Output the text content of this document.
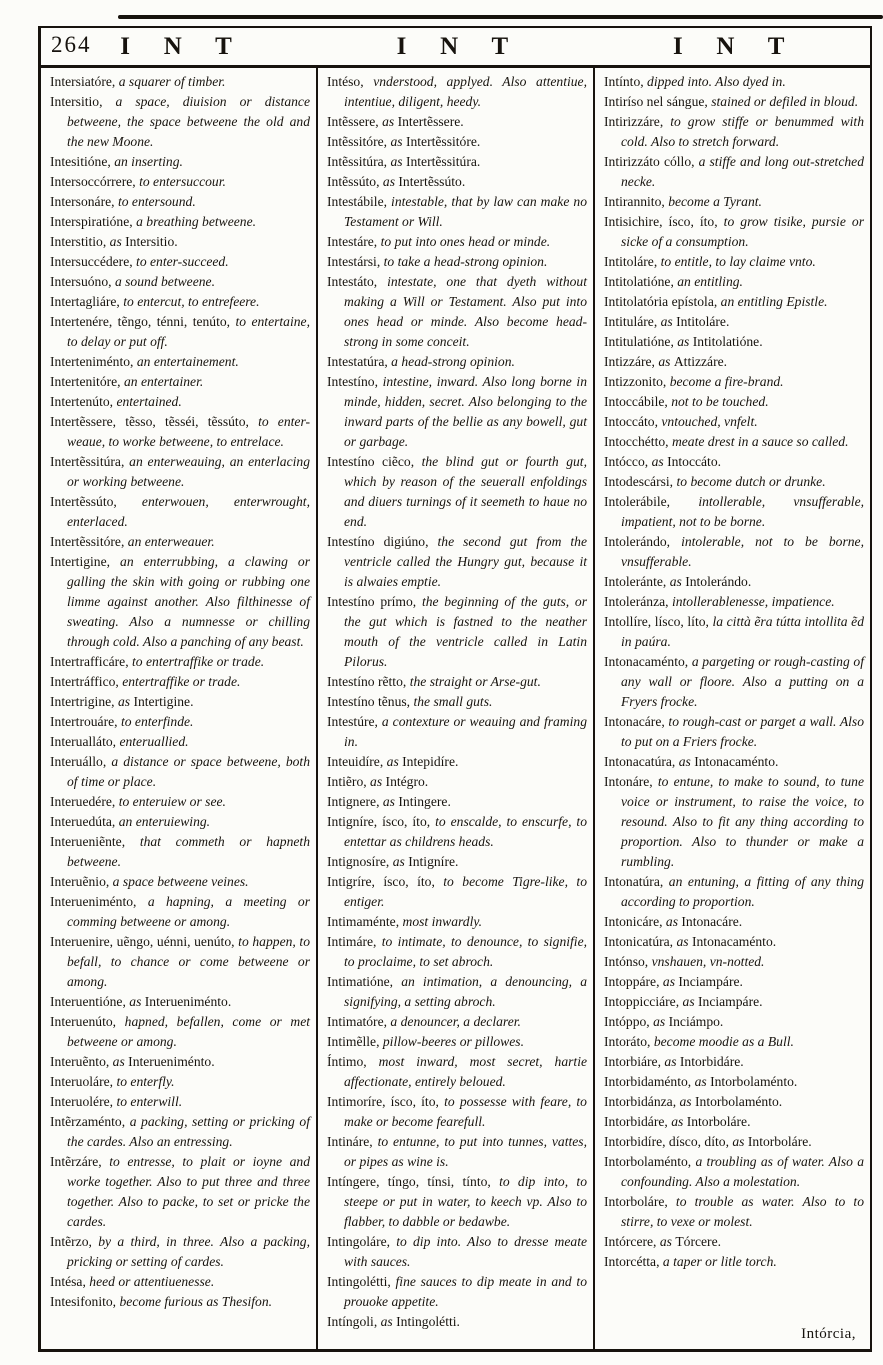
264	I N T	I N T	I N T

Intersiatóre, a squarer of timber.

Intersitio, a space, diuision or distance betweene, the space betweene the old and the new Moone.

Intesitióne, an inserting.

Intersoccórrere, to entersuccour.

Intersonáre, to entersound.

Interspiratióne, a breathing betweene.

Interstitio, as Intersitio.

Intersuccédere, to enter-succeed.

Intersuóno, a sound betweene.

Intertagliáre, to entercut, to entrefeere.

Intertenére, tẽngo, ténni, tenúto, to entertaine, to delay or put off.

Interteniménto, an entertainement.

Intertenitóre, an entertainer.

Intertenúto, entertained.

Intertẽssere, tẽsso, tẽsséi, tẽssúto, to enter-weaue, to worke betweene, to entrelace.

Intertẽssitúra, an enterweauing, an enterlacing or working betweene.

Intertẽssúto, enterwouen, enterwrought, enterlaced.

Intertẽssitóre, an enterweauer.

Intertigine, an enterrubbing, a clawing or galling the skin with going or rubbing one limme against another. Also filthinesse of sweating. Also a numnesse or chilling through cold. Also a panching of any beast.

Intertrafficáre, to entertraffike or trade.

Intertráffico, entertraffike or trade.

Intertrigine, as Intertigine.

Intertrouáre, to enterfinde.

Interualláto, enteruallied.

Interuállo, a distance or space betweene, both of time or place.

Interuedére, to enteruiew or see.

Interuedúta, an enteruiewing.

Interueniẽnte, that commeth or hapneth betweene.

Interuẽnio, a space betweene veines.

Interueniménto, a hapning, a meeting or comming betweene or among.

Interuenire, uẽngo, uénni, uenúto, to happen, to befall, to chance or come betweene or among.

Interuentióne, as Interueniménto.

Interuenúto, hapned, befallen, come or met betweene or among.

Interuẽnto, as Interueniménto.

Interuoláre, to enterfly.

Interuolére, to enterwill.

Intẽrzaménto, a packing, setting or pricking of the cardes. Also an entressing.

Intẽrzáre, to entresse, to plait or ioyne and worke together. Also to put three and three together. Also to packe, to set or pricke the cardes.

Intẽrzo, by a third, in three. Also a packing, pricking or setting of cardes.

Intésa, heed or attentiuenesse.

Intesifonito, become furious as Thesifon.

Intéso, vnderstood, applyed. Also attentiue, intentiue, diligent, heedy.

Intẽssere, as Intertẽssere.

Intẽssitóre, as Intertẽssitóre.

Intẽssitúra, as Intertẽssitúra.

Intẽssúto, as Intertẽssúto.

Intestábile, intestable, that by law can make no Testament or Will.

Intestáre, to put into ones head or minde.

Intestársi, to take a head-strong opinion.

Intestáto, intestate, one that dyeth without making a Will or Testament. Also put into ones head or minde. Also become head-strong in some conceit.

Intestatúra, a head-strong opinion.

Intestíno, intestine, inward. Also long borne in minde, hidden, secret. Also belonging to the inward parts of the bellie as any bowell, gut or garbage.

Intestíno ciẽco, the blind gut or fourth gut, which by reason of the seuerall enfoldings and diuers turnings of it seemeth to haue no end.

Intestíno digiúno, the second gut from the ventricle called the Hungry gut, because it is alwaies emptie.

Intestíno prímo, the beginning of the guts, or the gut which is fastned to the neather mouth of the ventricle called in Latin Pilorus.

Intestíno rẽtto, the straight or Arse-gut.

Intestíno tẽnus, the small guts.

Intestúre, a contexture or weauing and framing in.

Inteuidíre, as Intepidíre.

Intiẽro, as Intégro.

Intignere, as Intingere.

Intigníre, ísco, íto, to enscalde, to enscurfe, to entettar as childrens heads.

Intignosíre, as Intigníre.

Intigríre, ísco, íto, to become Tigre-like, to entiger.

Intimaménte, most inwardly.

Intimáre, to intimate, to denounce, to signifie, to proclaime, to set abroch.

Intimatióne, an intimation, a denouncing, a signifying, a setting abroch.

Intimatóre, a denouncer, a declarer.

Intimẽlle, pillow-beeres or pillowes.

Íntimo, most inward, most secret, hartie affectionate, entirely beloued.

Intimoríre, ísco, íto, to possesse with feare, to make or become fearefull.

Intináre, to entunne, to put into tunnes, vattes, or pipes as wine is.

Intíngere, tíngo, tínsi, tínto, to dip into, to steepe or put in water, to keech vp. Also to flabber, to dabble or bedawbe.

Intingoláre, to dip into. Also to dresse meate with sauces.

Intingolétti, fine sauces to dip meate in and to prouoke appetite.

Intíngoli, as Intingolétti.

Intínto, dipped into. Also dyed in.

Intiríso nel sángue, stained or defiled in bloud.

Intirizzáre, to grow stiffe or benummed with cold. Also to stretch forward.

Intirizzáto cóllo, a stiffe and long out-stretched necke.

Intirannito, become a Tyrant.

Intisichire, ísco, íto, to grow tisike, pursie or sicke of a consumption.

Intitoláre, to entitle, to lay claime vnto.

Intitolatióne, an entitling.

Intitolatória epístola, an entitling Epistle.

Intituláre, as Intitoláre.

Intitulatióne, as Intitolatióne.

Intizzáre, as Attizzáre.

Intizzonito, become a fire-brand.

Intoccábile, not to be touched.

Intoccáto, vntouched, vnfelt.

Intocchétto, meate drest in a sauce so called.

Intócco, as Intoccáto.

Intodescársi, to become dutch or drunke.

Intolerábile, intollerable, vnsufferable, impatient, not to be borne.

Intolerándo, intolerable, not to be borne, vnsufferable.

Intoleránte, as Intolerándo.

Intoleránza, intollerablenesse, impatience.

Intollíre, lísco, líto, la città ẽra tútta intollita ẽd in paúra.

Intonacaménto, a pargeting or rough-casting of any wall or floore. Also a putting on a Fryers frocke.

Intonacáre, to rough-cast or parget a wall. Also to put on a Friers frocke.

Intonacatúra, as Intonacaménto.

Intonáre, to entune, to make to sound, to tune voice or instrument, to raise the voice, to resound. Also to fit any thing according to proportion. Also to thunder or make a rumbling.

Intonatúra, an entuning, a fitting of any thing according to proportion.

Intonicáre, as Intonacáre.

Intonicatúra, as Intonacaménto.

Intónso, vnshauen, vn-notted.

Intoppáre, as Inciampáre.

Intoppicciáre, as Inciampáre.

Intóppo, as Inciámpo.

Intoráto, become moodie as a Bull.

Intorbiáre, as Intorbidáre.

Intorbidaménto, as Intorbolaménto.

Intorbidánza, as Intorbolaménto.

Intorbidáre, as Intorboláre.

Intorbidíre, dísco, díto, as Intorboláre.

Intorbolaménto, a troubling as of water. Also a confounding. Also a molestation.

Intorboláre, to trouble as water. Also to to stirre, to vexe or molest.

Intórcere, as Tórcere.

Intorcétta, a taper or litle torch.

Intórcia,
